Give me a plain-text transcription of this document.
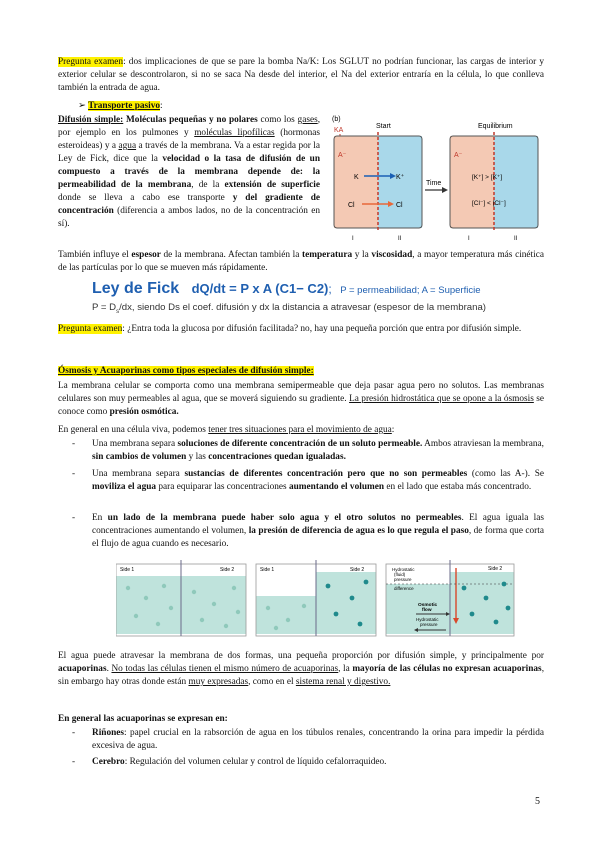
Pregunta examen: dos implicaciones de que se pare la bomba Na/K: Los SGLUT no podrían funcionar, las cargas de interior y exterior celular se descontrolaron, si no se saca Na desde del interior, el Na del exterior entraría en la célula, lo que conlleva también la entrada de agua.

➢ Transporte pasivo:

Difusión simple: Moléculas pequeñas y no polares como los gases, por ejemplo en los pulmones y moléculas lipofílicas (hormonas esteroideas) y a agua a través de la membrana. Va a estar regida por la Ley de Fick, dice que la velocidad o la tasa de difusión de un compuesto a través de la membrana depende de: la permeabilidad de la membrana, de la extensión de superficie donde se lleva a cabo ese transporte y del gradiente de concentración (diferencia a ambos lados, no de la concentración en sí).

(b)
Start	Equilibrium
KA
A⁻
K	K⁺
Cl	Cl
I	II
Time
A⁻
[K⁺] > [K⁺]
[Cl⁻] < [Cl⁻]
I	II

También influye el espesor de la membrana. Afectan también la temperatura y la viscosidad, a mayor temperatura más cinética de las partículas por lo que se mueven más rápidamente.

Ley de Fick dQ/dt = P x A (C1− C2); P = permeabilidad; A = Superficie
$P = D_s/dx$, siendo Ds el coef. difusión y dx la distancia a atravesar (espesor de la membrana)

Pregunta examen: ¿Entra toda la glucosa por difusión facilitada? no, hay una pequeña porción que entra por difusión simple.

Ósmosis y Acuaporinas como tipos especiales de difusión simple:

La membrana celular se comporta como una membrana semipermeable que deja pasar agua pero no solutos. Las membranas celulares son muy permeables al agua, que se moverá siguiendo su gradiente. La presión hidrostática que se opone a la ósmosis se conoce como presión osmótica.

En general en una célula viva, podemos tener tres situaciones para el movimiento de agua:

- Una membrana separa soluciones de diferente concentración de un soluto permeable. Ambos atraviesan la membrana, sin cambios de volumen y las concentraciones quedan igualadas.
- Una membrana separa sustancias de diferentes concentración pero que no son permeables (como las A-). Se moviliza el agua para equiparar las concentraciones aumentando el volumen en el lado que estaba más concentrado.
- En un lado de la membrana puede haber solo agua y el otro solutos no permeables. El agua iguala las concentraciones aumentando el volumen, la presión de diferencia de agua es lo que regula el paso, de forma que corta el flujo de agua cuando es necesario.
Side 1	Side 2	Side 1	Side 2	Side 2
Hydrostatic
(fluid)
pressure
difference
Osmotic
flow
Hydrostatic
pressure

El agua puede atravesar la membrana de dos formas, una pequeña proporción por difusión simple, y principalmente por acuaporinas. No todas las células tienen el mismo número de acuaporinas, la mayoría de las células no expresan acuaporinas, sin embargo hay otras donde están muy expresadas, como en el sistema renal y digestivo.

En general las acuaporinas se expresan en:

- Riñones: papel crucial en la rabsorción de agua en los túbulos renales, concentrando la orina para impedir la pérdida excesiva de agua.
- Cerebro: Regulación del volumen celular y control de líquido cefalorraquideo.
5
